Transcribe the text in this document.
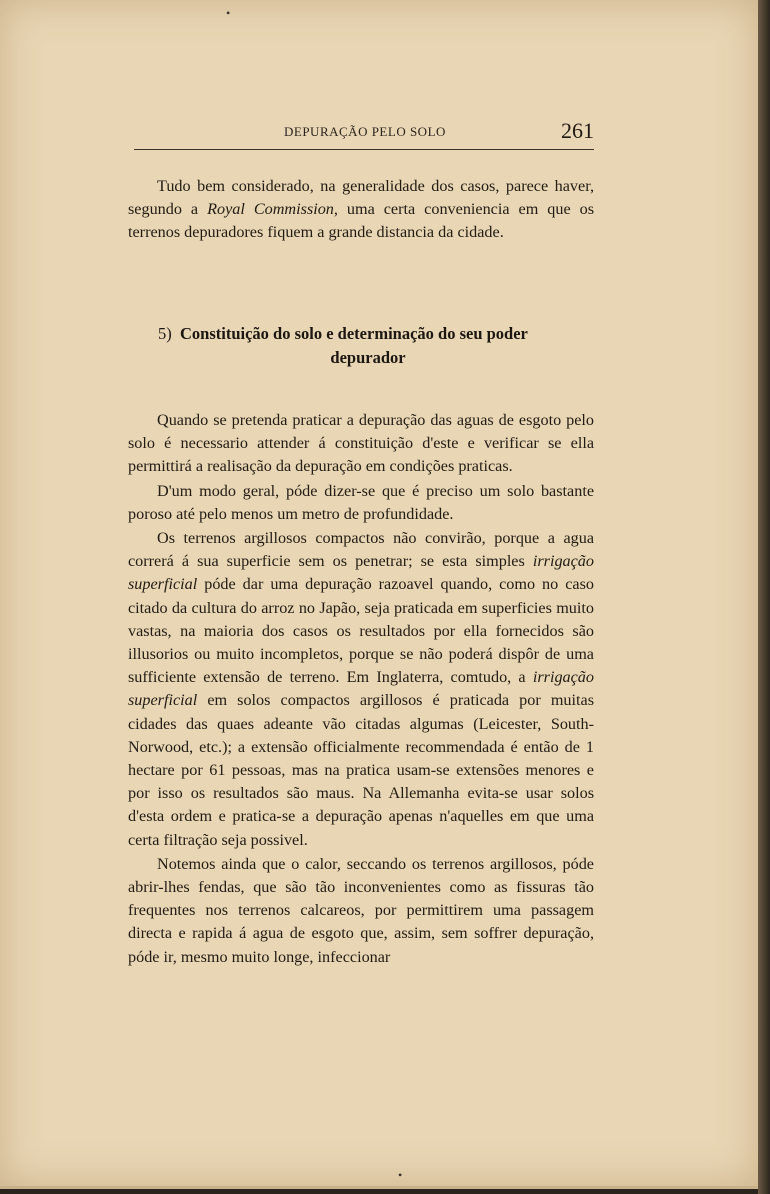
DEPURAÇÃO PELO SOLO	261

Tudo bem considerado, na generalidade dos casos, parece haver, segundo a Royal Commission, uma certa conveniencia em que os terrenos depuradores fiquem a grande distancia da cidade.

5) Constituição do solo e determinação do seu poder
depurador

Quando se pretenda praticar a depuração das aguas de esgoto pelo solo é necessario attender á constituição d'este e verificar se ella permittirá a realisação da depuração em condições praticas.

D'um modo geral, póde dizer-se que é preciso um solo bastante poroso até pelo menos um metro de profundidade.

Os terrenos argillosos compactos não convirão, porque a agua correrá á sua superficie sem os penetrar; se esta simples irrigação superficial póde dar uma depuração razoavel quando, como no caso citado da cultura do arroz no Japão, seja praticada em superficies muito vastas, na maioria dos casos os resultados por ella fornecidos são illusorios ou muito incompletos, porque se não poderá dispôr de uma sufficiente extensão de terreno. Em Inglaterra, comtudo, a irrigação superficial em solos compactos argillosos é praticada por muitas cidades das quaes adeante vão citadas algumas (Leicester, South-Norwood, etc.); a extensão officialmente recommendada é então de 1 hectare por 61 pessoas, mas na pratica usam-se extensões menores e por isso os resultados são maus. Na Allemanha evita-se usar solos d'esta ordem e pratica-se a depuração apenas n'aquelles em que uma certa filtração seja possivel.

Notemos ainda que o calor, seccando os terrenos argillosos, póde abrir-lhes fendas, que são tão inconvenientes como as fissuras tão frequentes nos terrenos calcareos, por permittirem uma passagem directa e rapida á agua de esgoto que, assim, sem soffrer depuração, póde ir, mesmo muito longe, infeccionar

•
•
